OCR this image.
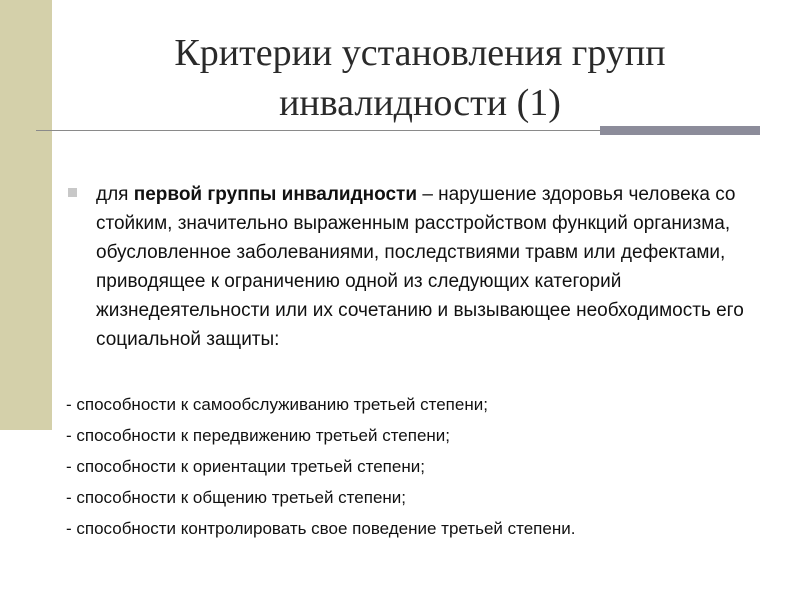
Критерии установления групп
инвалидности (1)
для первой группы инвалидности – нарушение здоровья человека со стойким, значительно выраженным расстройством функций организма, обусловленное заболеваниями, последствиями травм или дефектами, приводящее к ограничению одной из следующих категорий жизнедеятельности или их сочетанию и вызывающее необходимость его социальной защиты:
- способности к самообслуживанию третьей степени;
- способности к передвижению третьей степени;
- способности к ориентации третьей степени;
- способности к общению третьей степени;
- способности контролировать свое поведение третьей степени.
